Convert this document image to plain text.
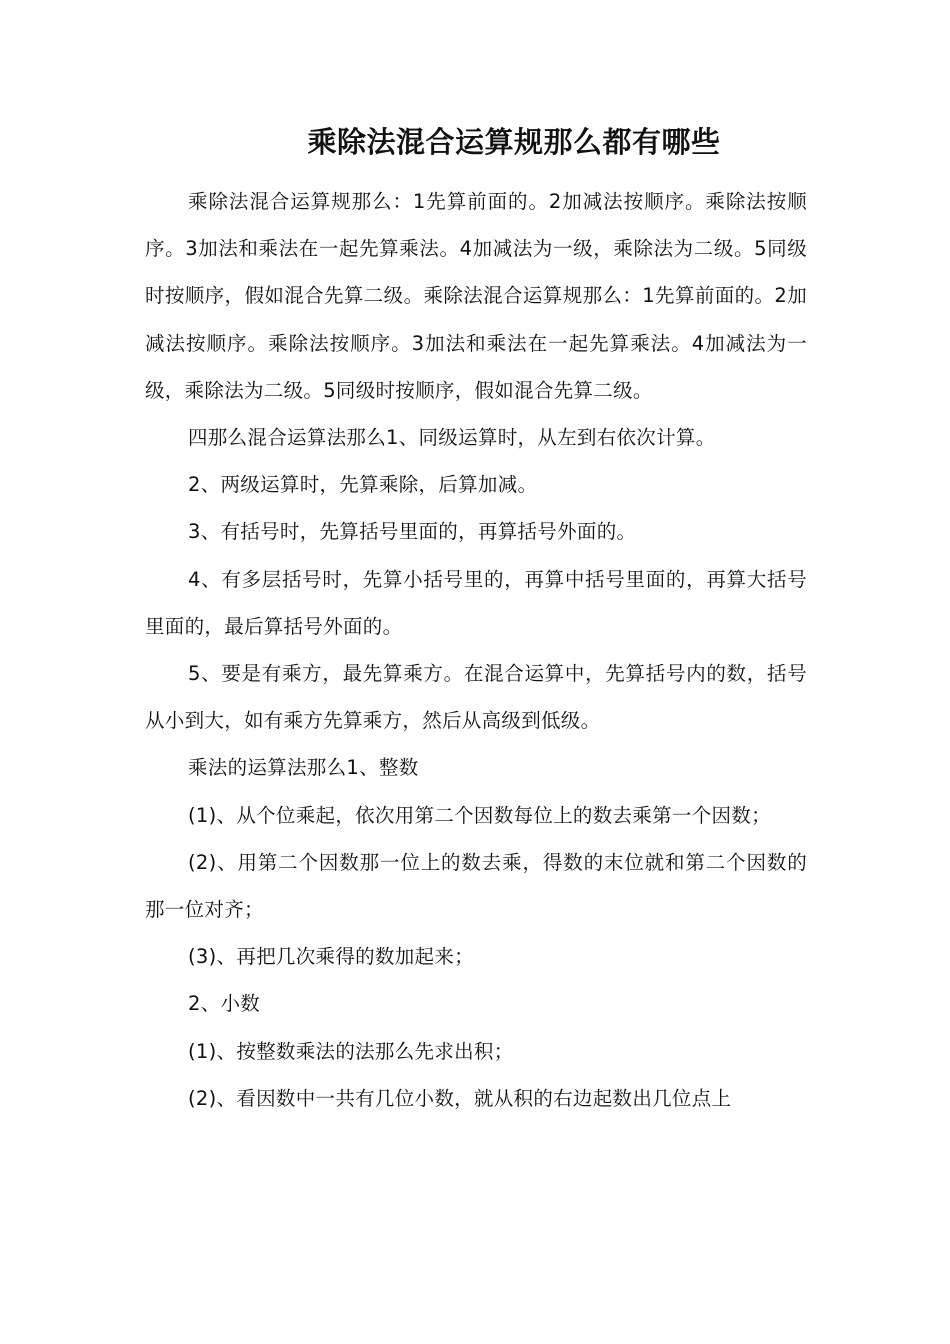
乘除法混合运算规那么都有哪些

乘除法混合运算规那么：1先算前面的。2加减法按顺序。乘除法按顺序。3加法和乘法在一起先算乘法。4加减法为一级，乘除法为二级。5同级时按顺序，假如混合先算二级。乘除法混合运算规那么：1先算前面的。2加减法按顺序。乘除法按顺序。3加法和乘法在一起先算乘法。4加减法为一级，乘除法为二级。5同级时按顺序，假如混合先算二级。

四那么混合运算法那么1、同级运算时，从左到右依次计算。

2、两级运算时，先算乘除，后算加减。

3、有括号时，先算括号里面的，再算括号外面的。

4、有多层括号时，先算小括号里的，再算中括号里面的，再算大括号里面的，最后算括号外面的。

5、要是有乘方，最先算乘方。在混合运算中，先算括号内的数，括号从小到大，如有乘方先算乘方，然后从高级到低级。

乘法的运算法那么1、整数

(1)、从个位乘起，依次用第二个因数每位上的数去乘第一个因数；

(2)、用第二个因数那一位上的数去乘，得数的末位就和第二个因数的那一位对齐；

(3)、再把几次乘得的数加起来；

2、小数

(1)、按整数乘法的法那么先求出积；

(2)、看因数中一共有几位小数，就从积的右边起数出几位点上
